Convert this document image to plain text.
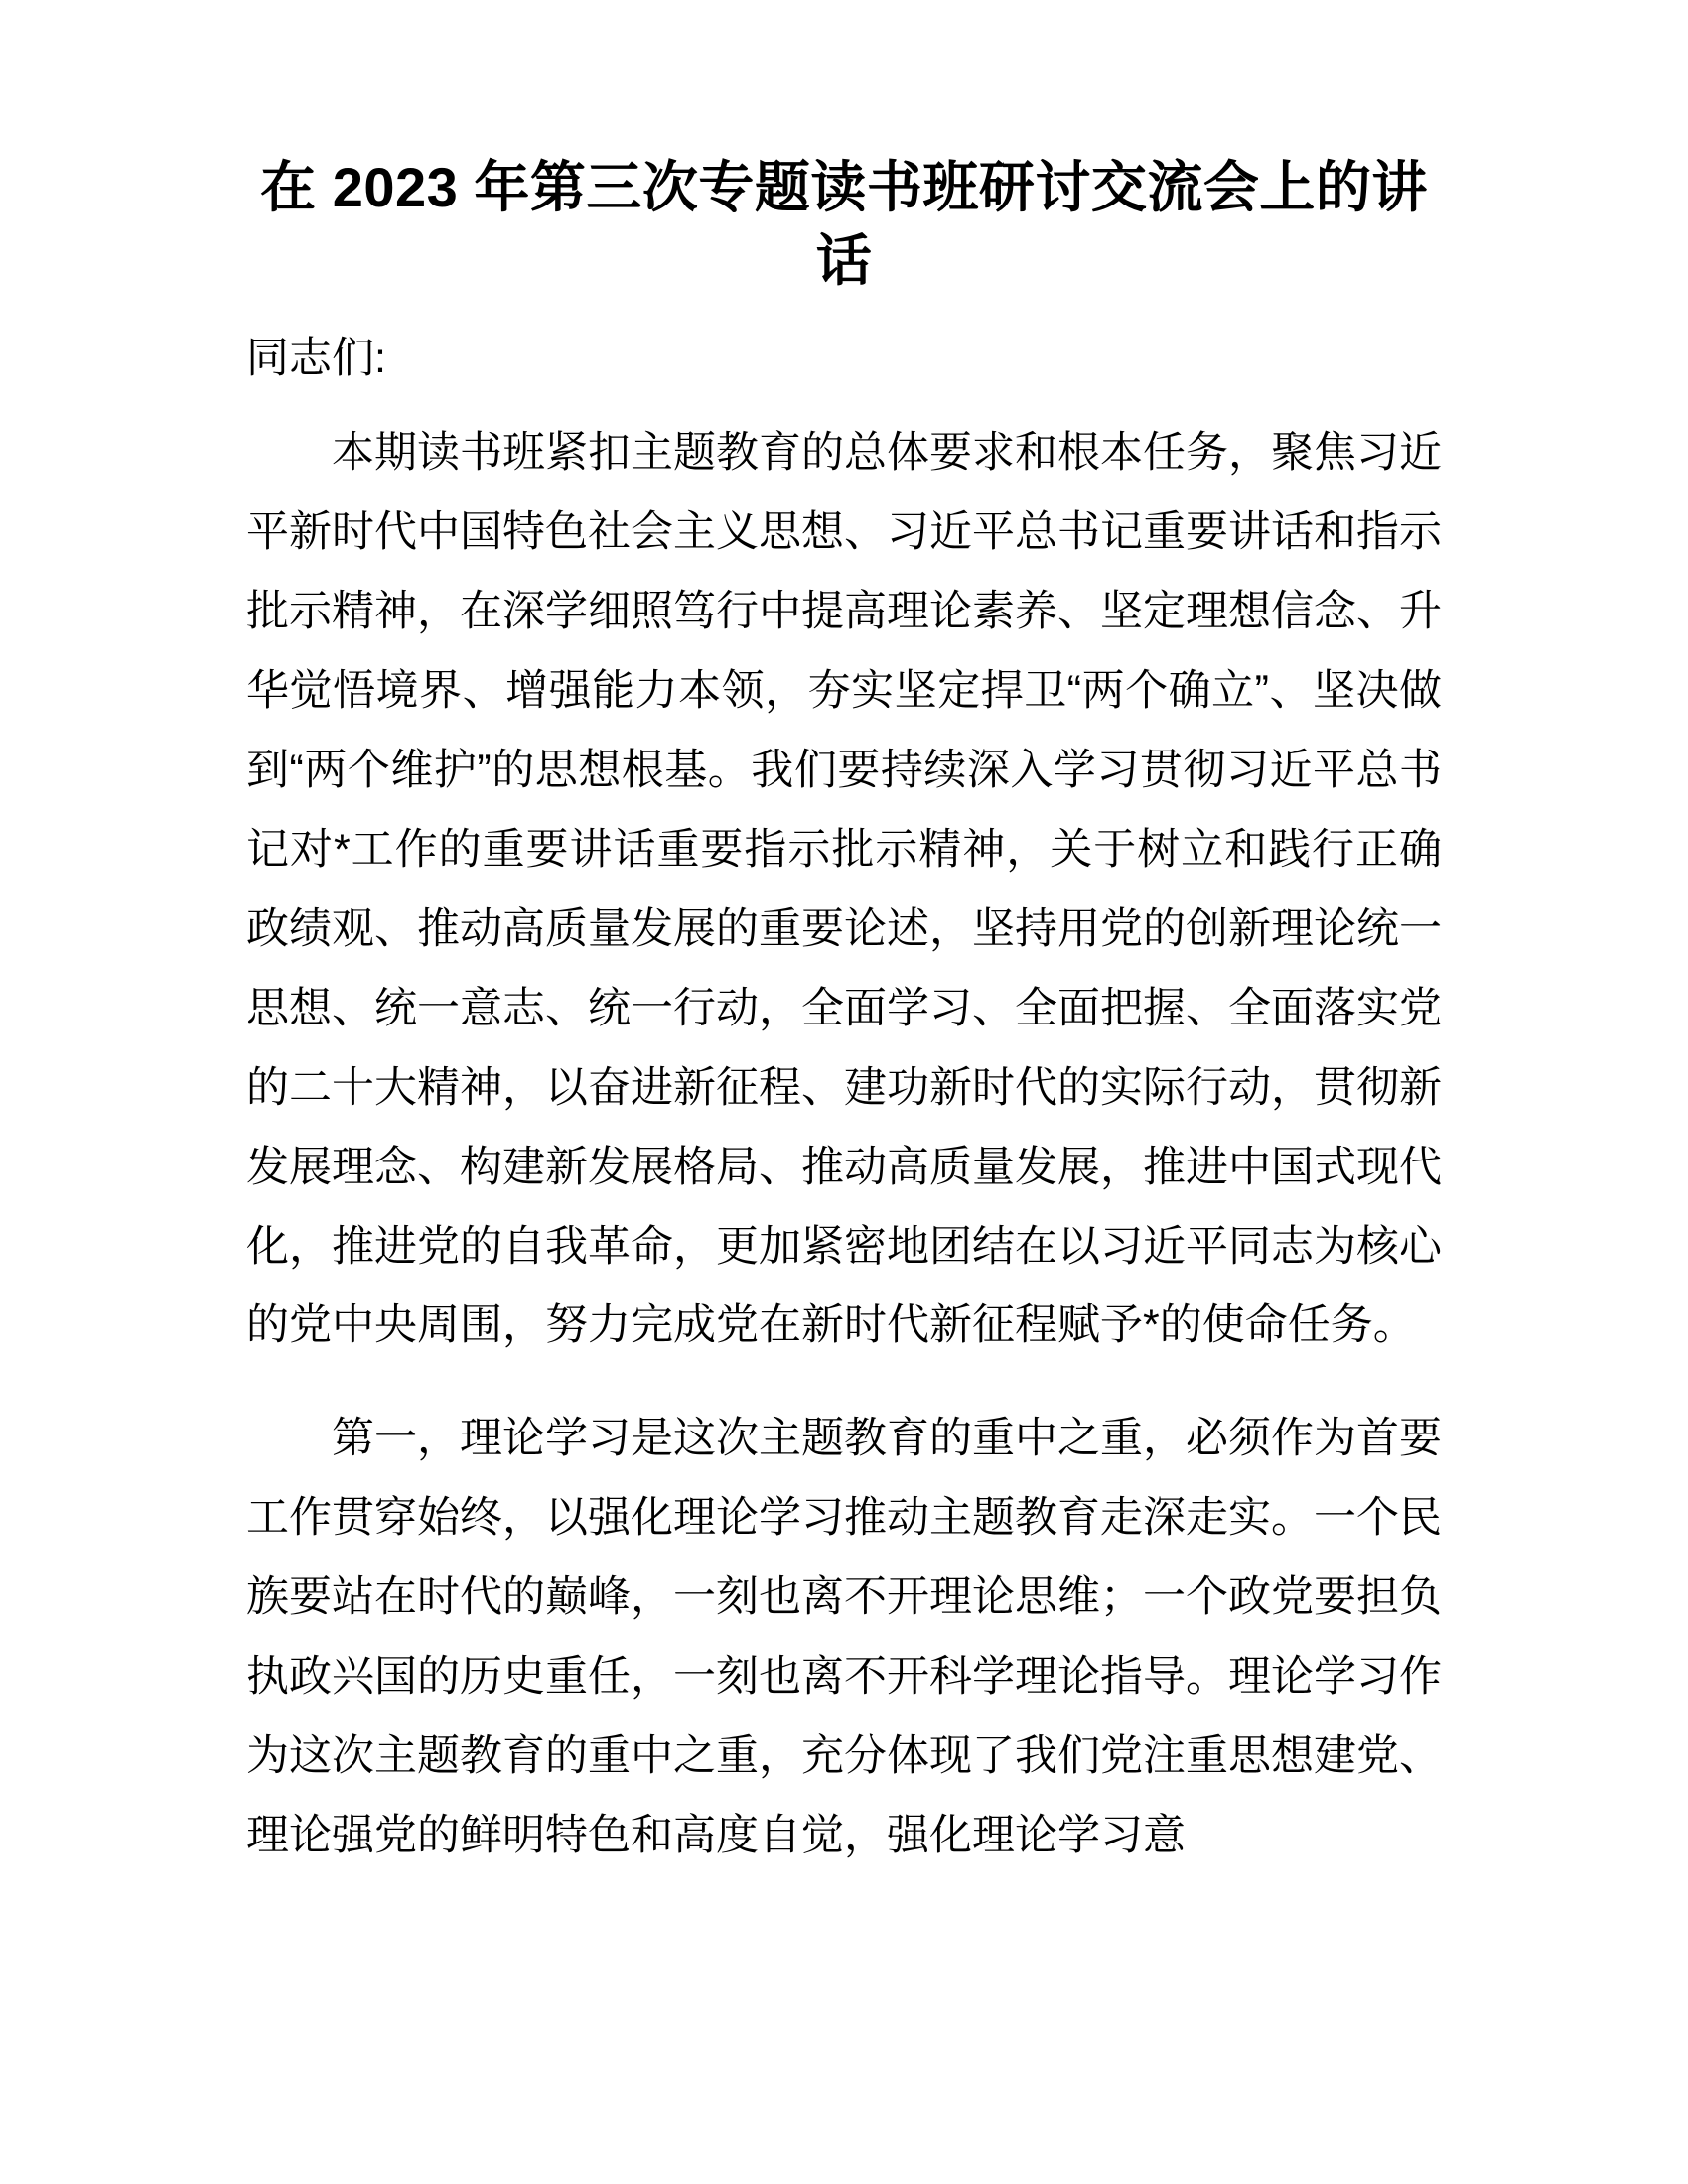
在 2023 年第三次专题读书班研讨交流会上的讲话

同志们:

本期读书班紧扣主题教育的总体要求和根本任务，聚焦习近平新时代中国特色社会主义思想、习近平总书记重要讲话和指示批示精神，在深学细照笃行中提高理论素养、坚定理想信念、升华觉悟境界、增强能力本领，夯实坚定捍卫“两个确立”、坚决做到“两个维护”的思想根基。我们要持续深入学习贯彻习近平总书记对*工作的重要讲话重要指示批示精神，关于树立和践行正确政绩观、推动高质量发展的重要论述，坚持用党的创新理论统一思想、统一意志、统一行动，全面学习、全面把握、全面落实党的二十大精神，以奋进新征程、建功新时代的实际行动，贯彻新发展理念、构建新发展格局、推动高质量发展，推进中国式现代化，推进党的自我革命，更加紧密地团结在以习近平同志为核心的党中央周围，努力完成党在新时代新征程赋予*的使命任务。

第一，理论学习是这次主题教育的重中之重，必须作为首要工作贯穿始终，以强化理论学习推动主题教育走深走实。一个民族要站在时代的巅峰，一刻也离不开理论思维；一个政党要担负执政兴国的历史重任，一刻也离不开科学理论指导。理论学习作为这次主题教育的重中之重，充分体现了我们党注重思想建党、理论强党的鲜明特色和高度自觉，强化理论学习意
